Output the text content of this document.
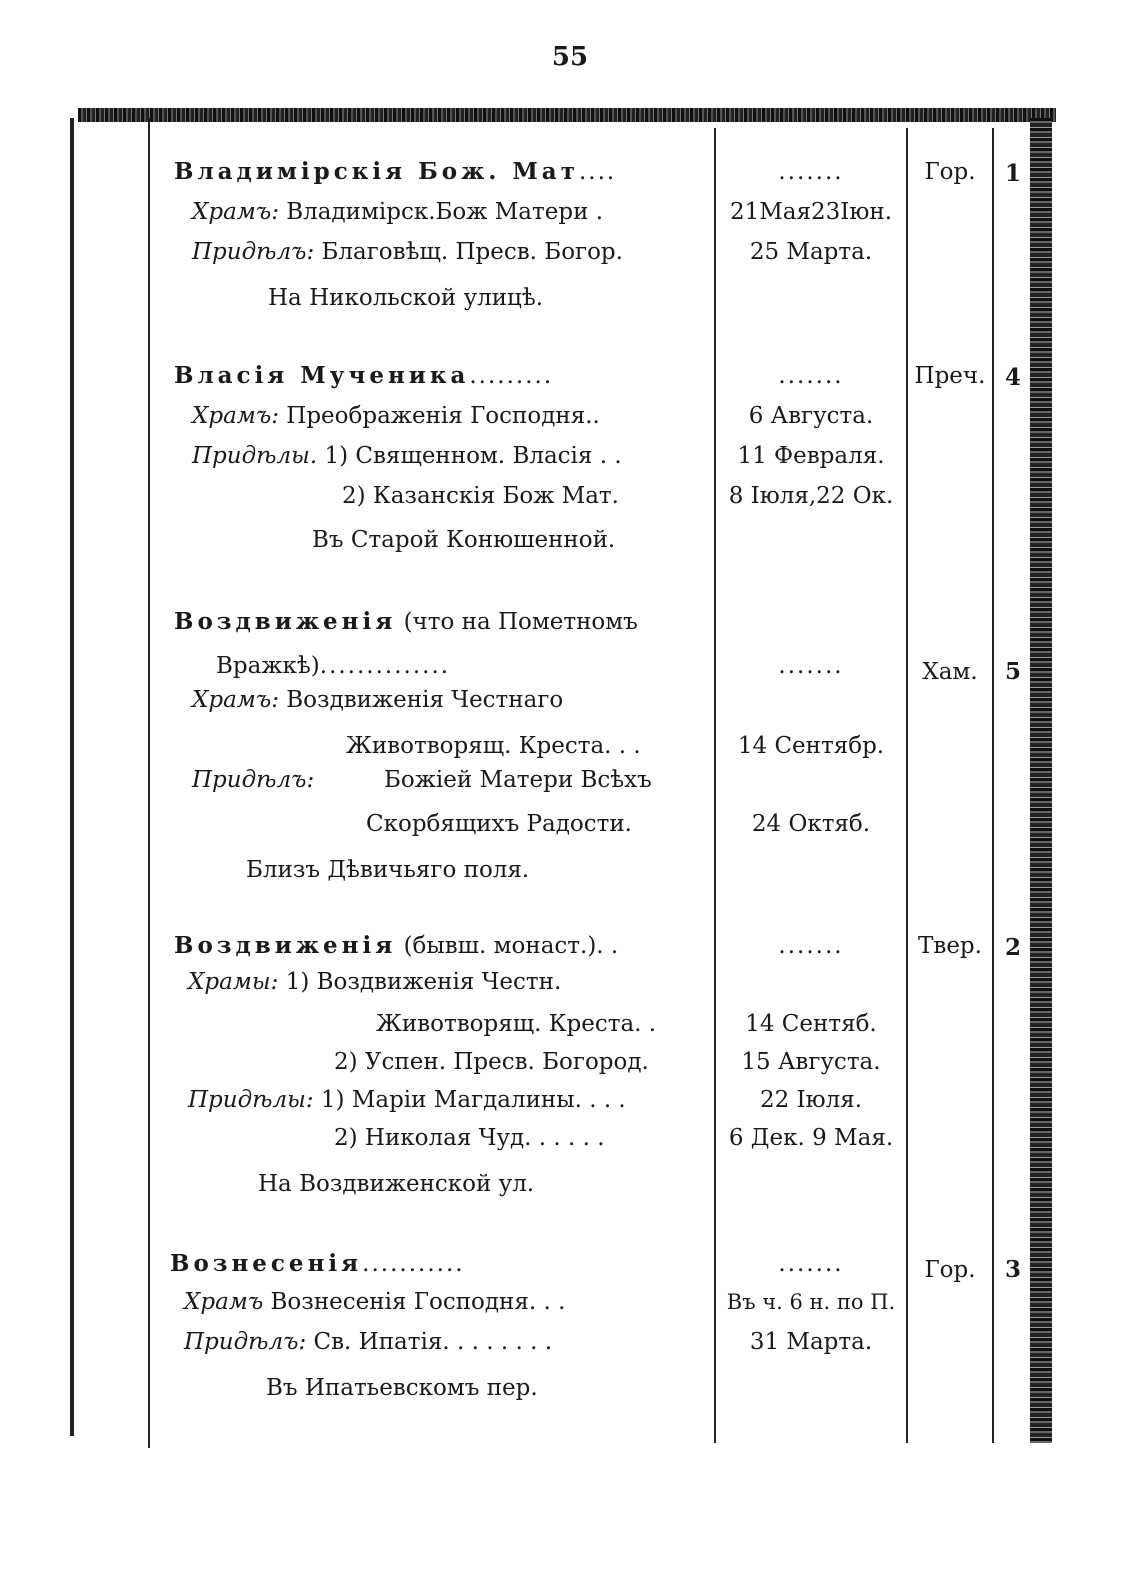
55
Владимірскія Бож. Мат....	.......	Гор.	1
Храмъ: Владимірск.Бож Матери .	21Мая23Іюн.
Придѣлъ: Благовѣщ. Пресв. Богор.	25 Марта.
На Никольской улицѣ.
Власія Мученика.........	.......	Преч. 4
Храмъ: Преображенія Господня..	6 Августа.
Придѣлы. 1) Священном. Власія . .	11 Февраля.
2) Казанскія Бож Мат.	8 Іюля,22 Ок.
Въ Старой Конюшенной.
Воздвиженія (что на Пометномъ
Вражкѣ)..............	.......	Хам.	5
Храмъ: Воздвиженія Честнаго
Животворящ. Креста. . .	14 Сентябр.
Придѣлъ:	Божіей Матери Всѣхъ
Скорбящихъ Радости.	24 Октяб.
Близъ Дѣвичьяго поля.
Воздвиженія (бывш. монаст.). .	.......	Твер.	2
Храмы: 1) Воздвиженія Честн.
Животворящ. Креста. .	14 Сентяб.
2) Успен. Пресв. Богород.	15 Августа.
Придѣлы: 1) Маріи Магдалины. . . .	22 Іюля.
2) Николая Чуд. . . . . .	6 Дек. 9 Мая.
На Воздвиженской ул.
Вознесенія...........	.......	Гор.	3
Храмъ Вознесенія Господня. . .	Въ ч. 6 н. по П.
Придѣлъ: Св. Ипатія. . . . . . . .	31 Марта.
Въ Ипатьевскомъ пер.
